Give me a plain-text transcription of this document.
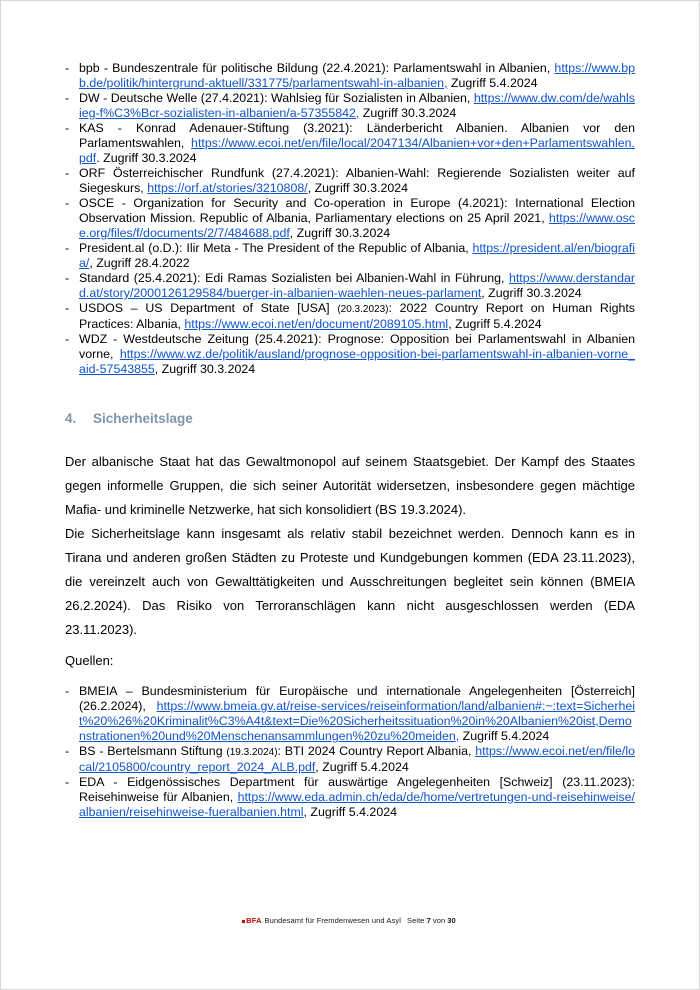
- bpb - Bundeszentrale für politische Bildung (22.4.2021): Parlamentswahl in Albanien, https://www.bpb.de/politik/hintergrund-aktuell/331775/parlamentswahl-in-albanien, Zugriff 5.4.2024
- DW - Deutsche Welle (27.4.2021): Wahlsieg für Sozialisten in Albanien, https://www.dw.com/de/wahlsieg-f%C3%Bcr-sozialisten-in-albanien/a-57355842, Zugriff 30.3.2024
- KAS - Konrad Adenauer-Stiftung (3.2021): Länderbericht Albanien. Albanien vor den Parlamentswahlen, https://www.ecoi.net/en/file/local/2047134/Albanien+vor+den+Parlamentswahlen.pdf. Zugriff 30.3.2024
- ORF Österreichischer Rundfunk (27.4.2021): Albanien-Wahl: Regierende Sozialisten weiter auf Siegeskurs, https://orf.at/stories/3210808/, Zugriff 30.3.2024
- OSCE - Organization for Security and Co-operation in Europe (4.2021): International Election Observation Mission. Republic of Albania, Parliamentary elections on 25 April 2021, https://www.osce.org/files/f/documents/2/7/484688.pdf, Zugriff 30.3.2024
- President.al (o.D.): Ilir Meta - The President of the Republic of Albania, https://president.al/en/biografia/, Zugriff 28.4.2022
- Standard (25.4.2021): Edi Ramas Sozialisten bei Albanien-Wahl in Führung, https://www.derstandard.at/story/2000126129584/buerger-in-albanien-waehlen-neues-parlament, Zugriff 30.3.2024
- USDOS – US Department of State [USA] (20.3.2023): 2022 Country Report on Human Rights Practices: Albania, https://www.ecoi.net/en/document/2089105.html, Zugriff 5.4.2024
- WDZ - Westdeutsche Zeitung (25.4.2021): Prognose: Opposition bei Parlamentswahl in Albanien vorne, https://www.wz.de/politik/ausland/prognose-opposition-bei-parlamentswahl-in-albanien-vorne_aid-57543855, Zugriff 30.3.2024
4. Sicherheitslage
Der albanische Staat hat das Gewaltmonopol auf seinem Staatsgebiet. Der Kampf des Staates gegen informelle Gruppen, die sich seiner Autorität widersetzen, insbesondere gegen mächtige Mafia- und kriminelle Netzwerke, hat sich konsolidiert (BS 19.3.2024).
Die Sicherheitslage kann insgesamt als relativ stabil bezeichnet werden. Dennoch kann es in Tirana und anderen großen Städten zu Proteste und Kundgebungen kommen (EDA 23.11.2023), die vereinzelt auch von Gewalttätigkeiten und Ausschreitungen begleitet sein können (BMEIA 26.2.2024). Das Risiko von Terroranschlägen kann nicht ausgeschlossen werden (EDA 23.11.2023).
Quellen:
- BMEIA – Bundesministerium für Europäische und internationale Angelegenheiten [Österreich] (26.2.2024), https://www.bmeia.gv.at/reise-services/reiseinformation/land/albanien#:~:text=Sicherheit%20%26%20Kriminalit%C3%A4t&text=Die%20Sicherheitssituation%20in%20Albanien%20ist,Demonstrationen%20und%20Menschenansammlungen%20zu%20meiden, Zugriff 5.4.2024
- BS - Bertelsmann Stiftung (19.3.2024): BTI 2024 Country Report Albania, https://www.ecoi.net/en/file/local/2105800/country_report_2024_ALB.pdf, Zugriff 5.4.2024
- EDA - Eidgenössisches Department für auswärtige Angelegenheiten [Schweiz] (23.11.2023): Reisehinweise für Albanien, https://www.eda.admin.ch/eda/de/home/vertretungen-und-reisehinweise/albanien/reisehinweise-fueralbanien.html, Zugriff 5.4.2024
BFA Bundesamt für Fremdenwesen und Asyl Seite 7 von 30
